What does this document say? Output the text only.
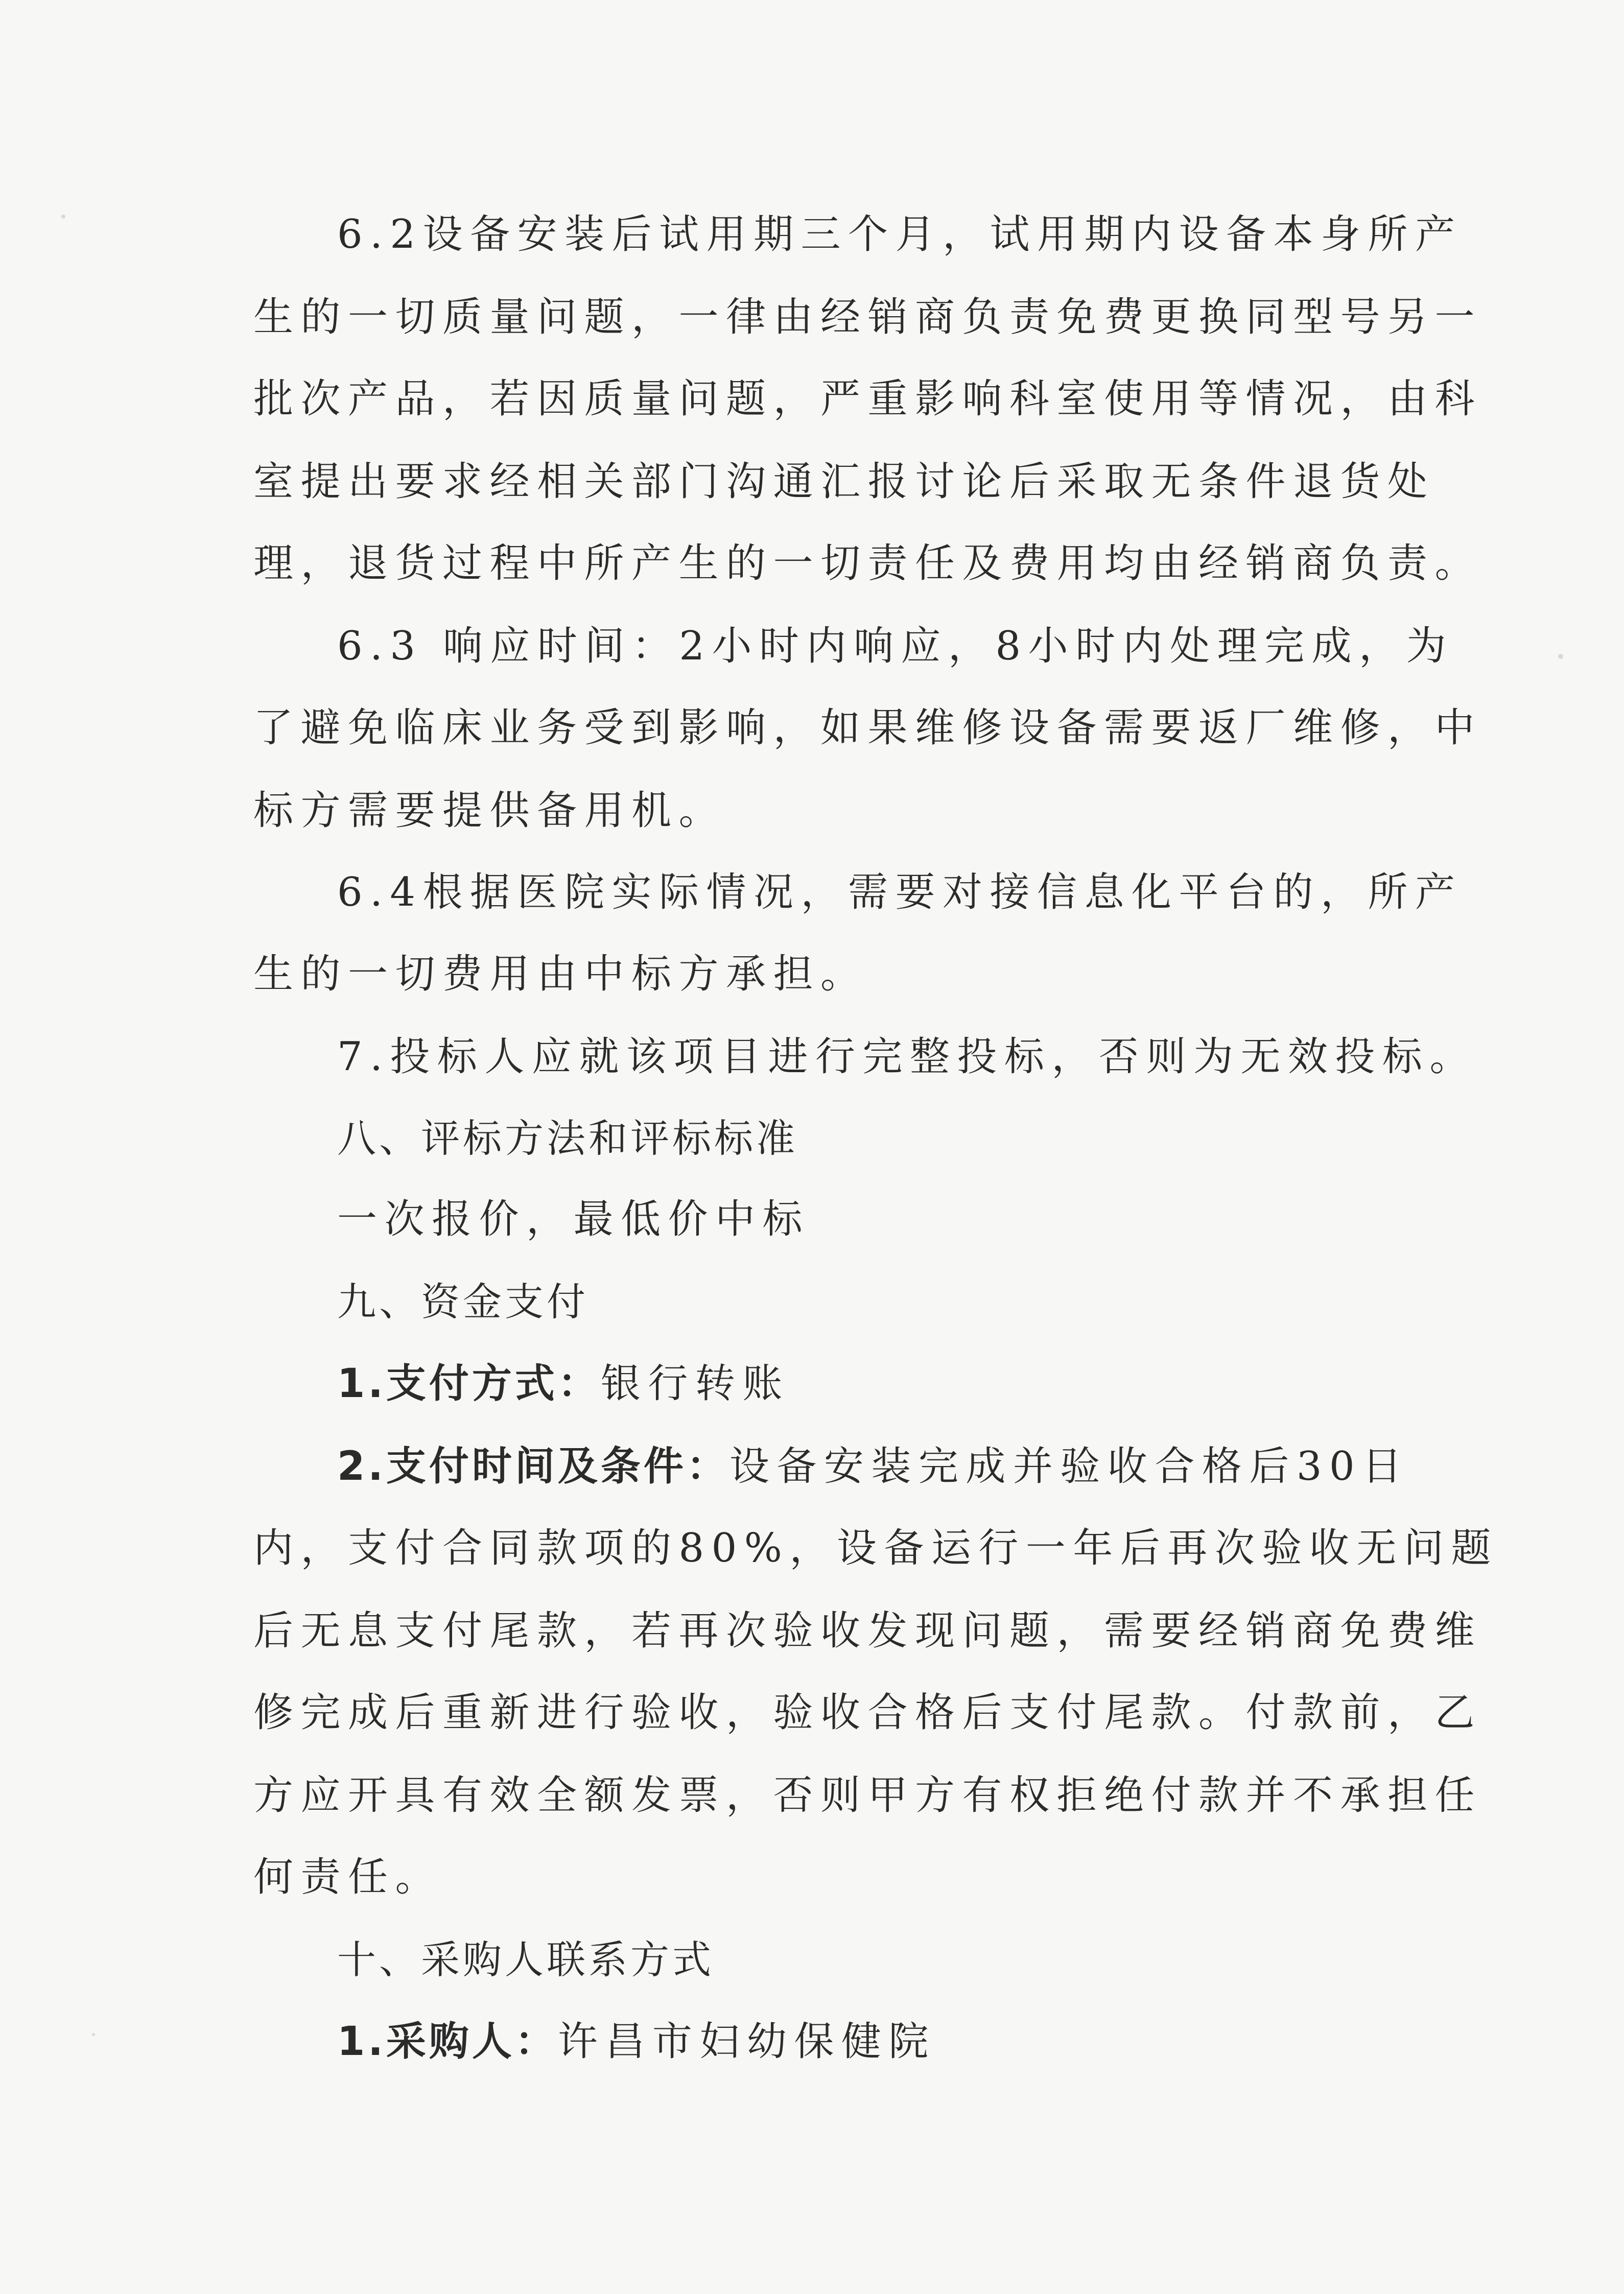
6.2设备安装后试用期三个月，试用期内设备本身所产
生的一切质量问题，一律由经销商负责免费更换同型号另一
批次产品，若因质量问题，严重影响科室使用等情况，由科
室提出要求经相关部门沟通汇报讨论后采取无条件退货处
理，退货过程中所产生的一切责任及费用均由经销商负责。
6.3 响应时间：2小时内响应，8小时内处理完成，为
了避免临床业务受到影响，如果维修设备需要返厂维修，中
标方需要提供备用机。
6.4根据医院实际情况，需要对接信息化平台的，所产
生的一切费用由中标方承担。
7.投标人应就该项目进行完整投标，否则为无效投标。
八、评标方法和评标标准
一次报价，最低价中标
九、资金支付
1.支付方式：银行转账
2.支付时间及条件：设备安装完成并验收合格后30日
内，支付合同款项的80%，设备运行一年后再次验收无问题
后无息支付尾款，若再次验收发现问题，需要经销商免费维
修完成后重新进行验收，验收合格后支付尾款。付款前，乙
方应开具有效全额发票，否则甲方有权拒绝付款并不承担任
何责任。
十、采购人联系方式
1.采购人：许昌市妇幼保健院
